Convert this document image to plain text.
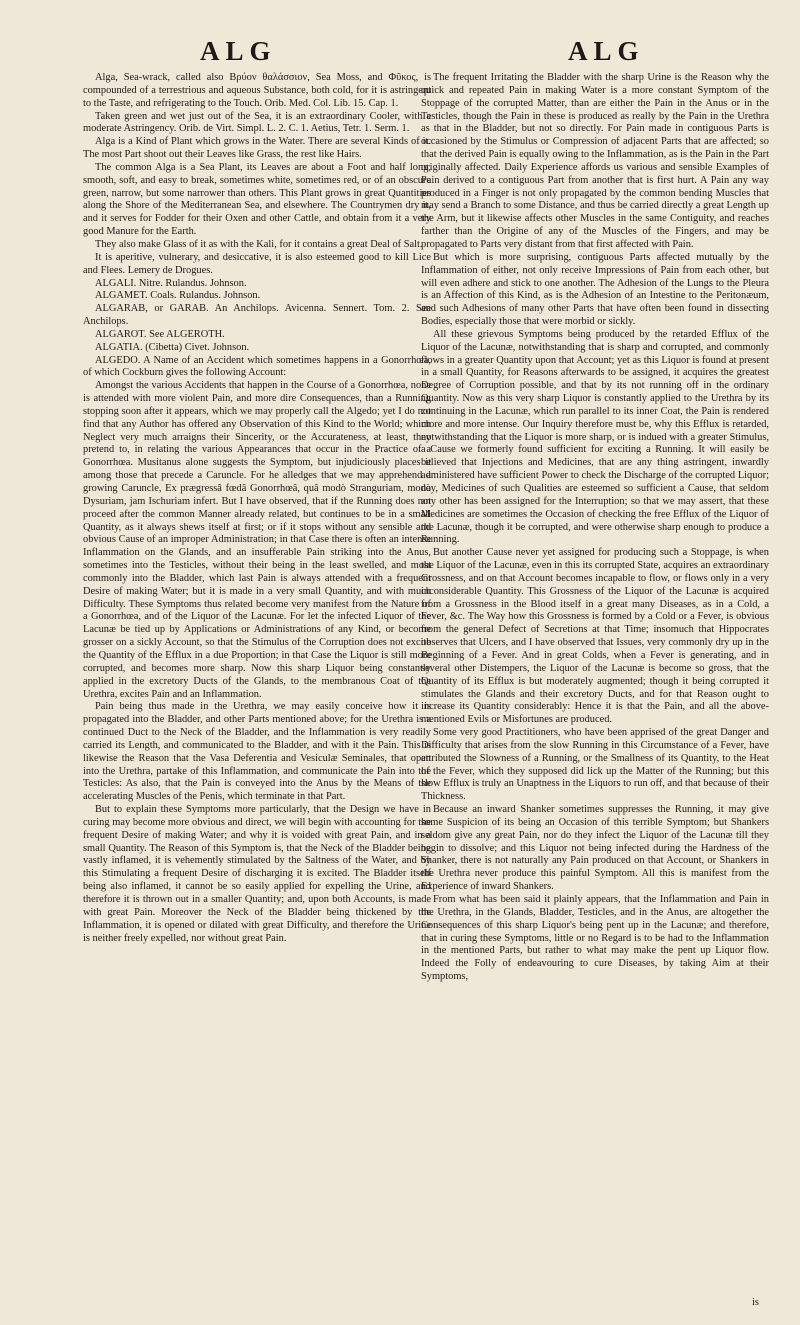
ALG	ALG

Alga, Sea-wrack, called also Βρύον θαλάσσιον, Sea Moss, and Φῦκος, is compounded of a terrestrious and aqueous Substance, both cold, for it is astringent to the Taste, and refrigerating to the Touch. Orib. Med. Col. Lib. 15. Cap. 1.

Taken green and wet just out of the Sea, it is an extraordinary Cooler, with a moderate Astringency. Orib. de Virt. Simpl. L. 2. C. 1. Aetius, Tetr. 1. Serm. 1.

Alga is a Kind of Plant which grows in the Water. There are several Kinds of it. The most Part shoot out their Leaves like Grass, the rest like Hairs.

The common Alga is a Sea Plant, its Leaves are about a Foot and half long, smooth, soft, and easy to break, sometimes white, sometimes red, or of an obscure green, narrow, but some narrower than others. This Plant grows in great Quantities along the Shore of the Mediterranean Sea, and elsewhere. The Countrymen dry it, and it serves for Fodder for their Oxen and other Cattle, and obtain from it a very good Manure for the Earth.

They also make Glass of it as with the Kali, for it contains a great Deal of Salt.

It is aperitive, vulnerary, and desiccative, it is also esteemed good to kill Lice and Flees. Lemery de Drogues.

ALGALI. Nitre. Rulandus. Johnson.

ALGAMET. Coals. Rulandus. Johnson.

ALGARAB, or GARAB. An Anchilops. Avicenna. Sennert. Tom. 2. See Anchilops.

ALGAROT. See ALGEROTH.

ALGATIA. (Cibetta) Civet. Johnson.

ALGEDO. A Name of an Accident which sometimes happens in a Gonorrhœa, of which Cockburn gives the following Account:

Amongst the various Accidents that happen in the Course of a Gonorrhœa, none is attended with more violent Pain, and more dire Consequences, than a Running stopping soon after it appears, which we may properly call the Algedo; yet I do not find that any Author has offered any Observation of this Kind to the World; which Neglect very much arraigns their Sincerity, or the Accurateness, at least, they pretend to, in relating the various Appearances that occur in the Practice of a Gonorrhœa. Musitanus alone suggests the Symptom, but injudiciously places it among those that precede a Caruncle. For he alledges that we may apprehend a growing Caruncle, Ex prægressâ fœdâ Gonorrhœâ, quâ modò Stranguriam, modò Dysuriam, jam Ischuriam infert. But I have observed, that if the Running does not proceed after the common Manner already related, but continues to be in a small Quantity, as it always shews itself at first; or if it stops without any sensible and obvious Cause of an improper Administration; in that Case there is often an intense Inflammation on the Glands, and an insufferable Pain striking into the Anus, sometimes into the Testicles, without their being in the least swelled, and most commonly into the Bladder, which last Pain is always attended with a frequent Desire of making Water; but it is made in a very small Quantity, and with much Difficulty. These Symptoms thus related become very manifest from the Nature of a Gonorrhœa, and of the Liquor of the Lacunæ. For let the infected Liquor of the Lacunæ be tied up by Applications or Administrations of any Kind, or become grosser on a sickly Account, so that the Stimulus of the Corruption does not excite the Quantity of the Efflux in a due Proportion; in that Case the Liquor is still more corrupted, and becomes more sharp. Now this sharp Liquor being constantly applied in the excretory Ducts of the Glands, to the membranous Coat of the Urethra, excites Pain and an Inflammation.

Pain being thus made in the Urethra, we may easily conceive how it is propagated into the Bladder, and other Parts mentioned above; for the Urethra is a continued Duct to the Neck of the Bladder, and the Inflammation is very readily carried its Length, and communicated to the Bladder, and with it the Pain. This is likewise the Reason that the Vasa Deferentia and Vesiculæ Seminales, that open into the Urethra, partake of this Inflammation, and communicate the Pain into the Testicles: As also, that the Pain is conveyed into the Anus by the Means of the accelerating Muscles of the Penis, which terminate in that Part.

But to explain these Symptoms more particularly, that the Design we have in curing may become more obvious and direct, we will begin with accounting for the frequent Desire of making Water; and why it is voided with great Pain, and in a small Quantity. The Reason of this Symptom is, that the Neck of the Bladder being vastly inflamed, it is vehemently stimulated by the Saltness of the Water, and by this Stimulating a frequent Desire of discharging it is excited. The Bladder itself being also inflamed, it cannot be so easily applied for expelling the Urine, and therefore it is thrown out in a smaller Quantity; and, upon both Accounts, is made with great Pain. Moreover the Neck of the Bladder being thickened by the Inflammation, it is opened or dilated with great Difficulty, and therefore the Urine is neither freely expelled, nor without great Pain.

The frequent Irritating the Bladder with the sharp Urine is the Reason why the quick and repeated Pain in making Water is a more constant Symptom of the Stoppage of the corrupted Matter, than are either the Pain in the Anus or in the Testicles, though the Pain in these is produced as really by the Pain in the Urethra as that in the Bladder, but not so directly. For Pain made in contiguous Parts is occasioned by the Stimulus or Compression of adjacent Parts that are affected; so that the derived Pain is equally owing to the Inflammation, as is the Pain in the Part originally affected. Daily Experience affords us various and sensible Examples of Pain derived to a contiguous Part from another that is first hurt. A Pain any way produced in a Finger is not only propagated by the common bending Muscles that may send a Branch to some Distance, and thus be carried directly a great Length up the Arm, but it likewise affects other Muscles in the same Contiguity, and reaches farther than the Origine of any of the Muscles of the Fingers, and may be propagated to Parts very distant from that first affected with Pain.

But which is more surprising, contiguous Parts affected mutually by the Inflammation of either, not only receive Impressions of Pain from each other, but will even adhere and stick to one another. The Adhesion of the Lungs to the Pleura is an Affection of this Kind, as is the Adhesion of an Intestine to the Peritonæum, and such Adhesions of many other Parts that have often been found in dissecting Bodies, especially those that were morbid or sickly.

All these grievous Symptoms being produced by the retarded Efflux of the Liquor of the Lacunæ, notwithstanding that is sharp and corrupted, and commonly flows in a greater Quantity upon that Account; yet as this Liquor is found at present in a small Quantity, for Reasons afterwards to be assigned, it acquires the greatest Degree of Corruption possible, and that by its not running off in the ordinary Quantity. Now as this very sharp Liquor is constantly applied to the Urethra by its continuing in the Lacunæ, which run parallel to its inner Coat, the Pain is rendered more and more intense. Our Inquiry therefore must be, why this Efflux is retarded, notwithstanding that the Liquor is more sharp, or is indued with a greater Stimulus, a Cause we formerly found sufficient for exciting a Running. It will easily be believed that Injections and Medicines, that are any thing astringent, inwardly administered have sufficient Power to check the Discharge of the corrupted Liquor; nay, Medicines of such Qualities are esteemed so sufficient a Cause, that seldom any other has been assigned for the Interruption; so that we may assert, that these Medicines are sometimes the Occasion of checking the free Efflux of the Liquor of the Lacunæ, though it be corrupted, and were otherwise sharp enough to produce a Running.

But another Cause never yet assigned for producing such a Stoppage, is when the Liquor of the Lacunæ, even in this its corrupted State, acquires an extraordinary Grossness, and on that Account becomes incapable to flow, or flows only in a very inconsiderable Quantity. This Grossness of the Liquor of the Lacunæ is acquired from a Grossness in the Blood itself in a great many Diseases, as in a Cold, a Fever, &c. The Way how this Grossness is formed by a Cold or a Fever, is obvious from the general Defect of Secretions at that Time; insomuch that Hippocrates observes that Ulcers, and I have observed that Issues, very commonly dry up in the Beginning of a Fever. And in great Colds, when a Fever is generating, and in several other Distempers, the Liquor of the Lacunæ is become so gross, that the Quantity of its Efflux is but moderately augmented; though it being corrupted it stimulates the Glands and their excretory Ducts, and for that Reason ought to increase its Quantity considerably: Hence it is that the Pain, and all the above-mentioned Evils or Misfortunes are produced.

Some very good Practitioners, who have been apprised of the great Danger and Difficulty that arises from the slow Running in this Circumstance of a Fever, have attributed the Slowness of a Running, or the Smallness of its Quantity, to the Heat of the Fever, which they supposed did lick up the Matter of the Running; but this slow Efflux is truly an Unaptness in the Liquors to run off, and that because of their Thickness.

Because an inward Shanker sometimes suppresses the Running, it may give some Suspicion of its being an Occasion of this terrible Symptom; but Shankers seldom give any great Pain, nor do they infect the Liquor of the Lacunæ till they begin to dissolve; and this Liquor not being infected during the Hardness of the Shanker, there is not naturally any Pain produced on that Account, or Shankers in the Urethra never produce this painful Symptom. All this is manifest from the Experience of inward Shankers.

From what has been said it plainly appears, that the Inflammation and Pain in the Urethra, in the Glands, Bladder, Testicles, and in the Anus, are altogether the Consequences of this sharp Liquor's being pent up in the Lacunæ; and therefore, that in curing these Symptoms, little or no Regard is to be had to the Inflammation in the mentioned Parts, but rather to what may make the pent up Liquor flow. Indeed the Folly of endeavouring to cure Diseases, by taking Aim at their Symptoms,

is
